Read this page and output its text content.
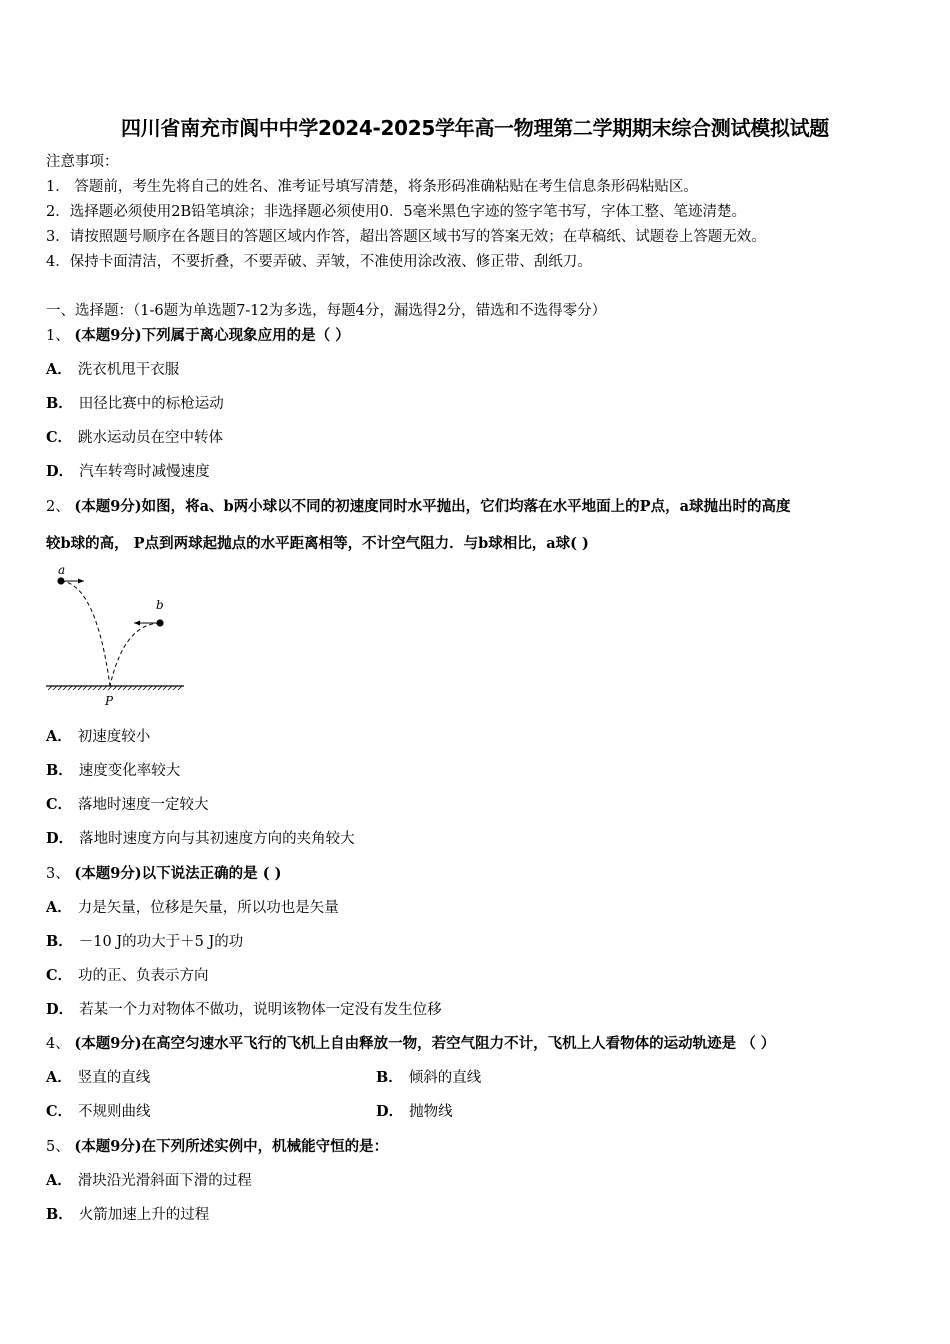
四川省南充市阆中中学2024-2025学年高一物理第二学期期末综合测试模拟试题
注意事项：
1． 答题前，考生先将自己的姓名、准考证号填写清楚，将条形码准确粘贴在考生信息条形码粘贴区。
2．选择题必须使用2B铅笔填涂；非选择题必须使用0．5毫米黑色字迹的签字笔书写，字体工整、笔迹清楚。
3．请按照题号顺序在各题目的答题区域内作答，超出答题区域书写的答案无效；在草稿纸、试题卷上答题无效。
4．保持卡面清洁，不要折叠，不要弄破、弄皱，不准使用涂改液、修正带、刮纸刀。
一、选择题：（1-6题为单选题7-12为多选，每题4分，漏选得2分，错选和不选得零分）
1、 (本题9分)下列属于离心现象应用的是（ ）
A． 洗衣机甩干衣服
B． 田径比赛中的标枪运动
C． 跳水运动员在空中转体
D． 汽车转弯时减慢速度
2、 (本题9分)如图，将a、b两小球以不同的初速度同时水平抛出，它们均落在水平地面上的P点，a球抛出时的高度
较b球的高， P点到两球起抛点的水平距离相等，不计空气阻力．与b球相比，a球( )
a
b
P
A． 初速度较小
B． 速度变化率较大
C． 落地时速度一定较大
D． 落地时速度方向与其初速度方向的夹角较大
3、 (本题9分)以下说法正确的是 ( )
A． 力是矢量，位移是矢量，所以功也是矢量
B． －10 J的功大于＋5 J的功
C． 功的正、负表示方向
D． 若某一个力对物体不做功，说明该物体一定没有发生位移
4、 (本题9分)在高空匀速水平飞行的飞机上自由释放一物，若空气阻力不计，飞机上人看物体的运动轨迹是 （ ）
A． 竖直的直线	B． 倾斜的直线
C． 不规则曲线	D． 抛物线
5、 (本题9分)在下列所述实例中，机械能守恒的是：
A． 滑块沿光滑斜面下滑的过程
B． 火箭加速上升的过程
